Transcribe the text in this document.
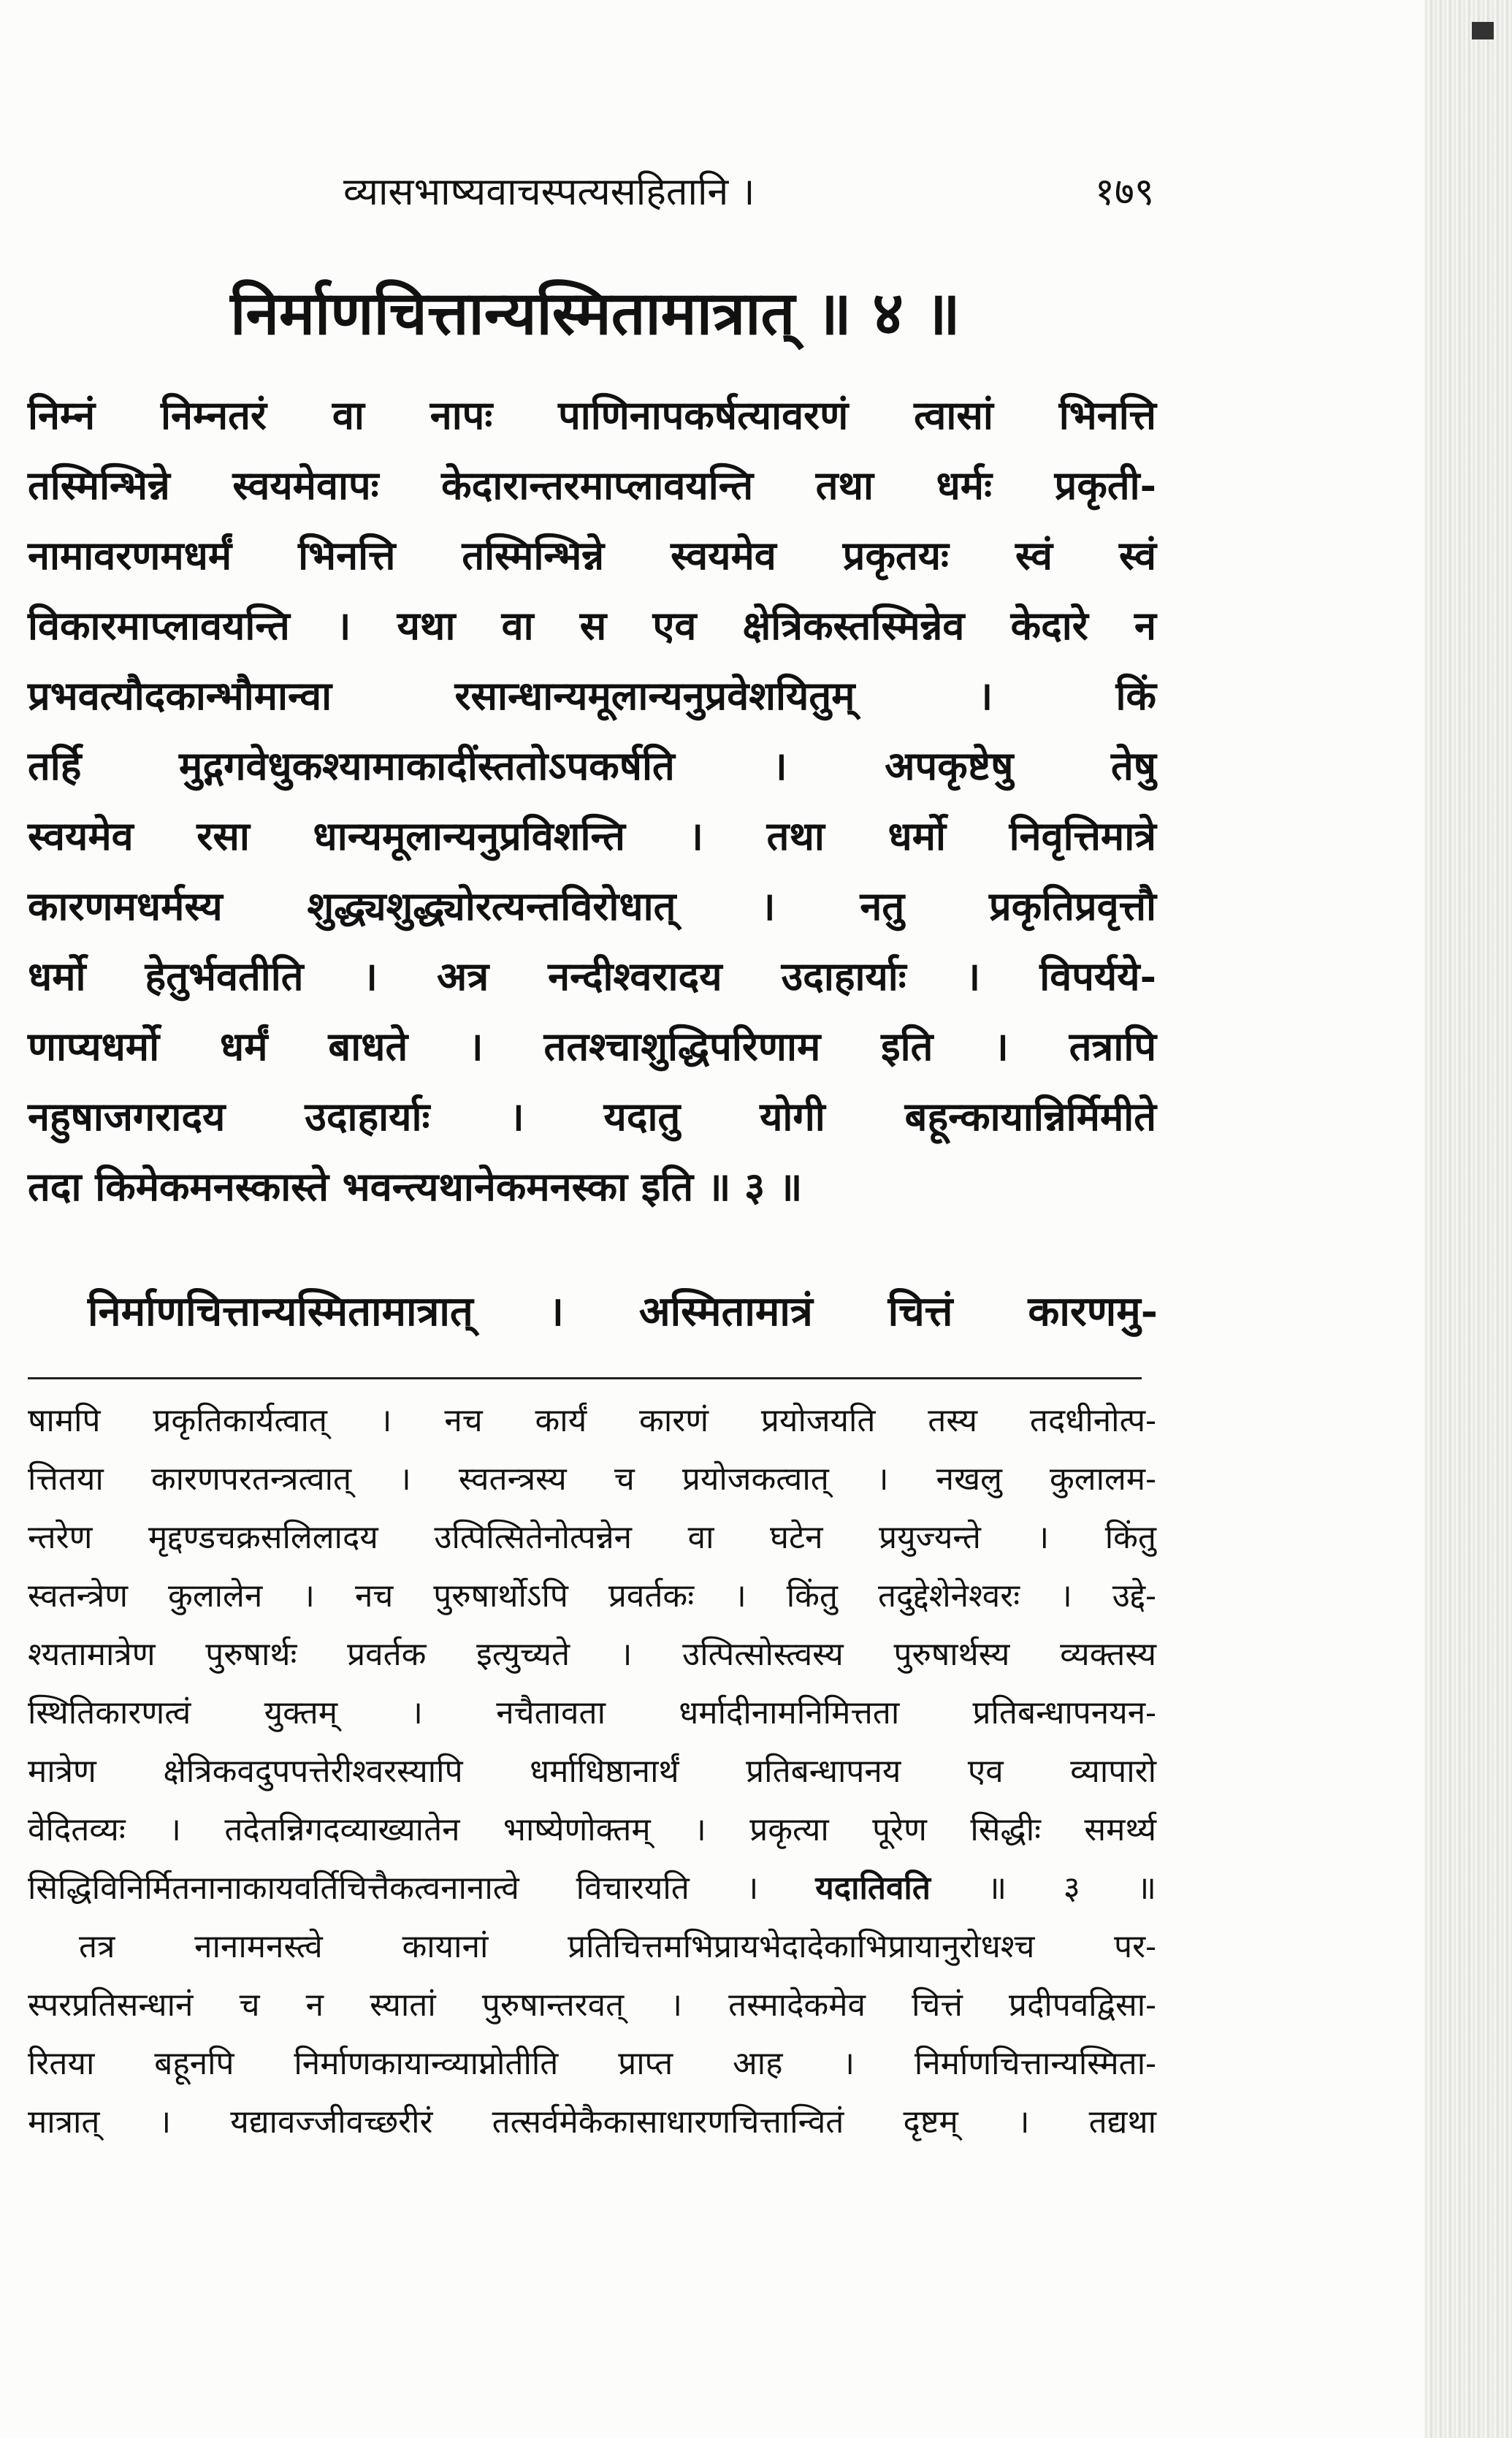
व्यासभाष्यवाचस्पत्यसहितानि ।	१७९
निर्माणचित्तान्यस्मितामात्रात् ॥ ४ ॥
निम्नं निम्नतरं वा नापः पाणिनापकर्षत्यावरणं त्वासां भिनत्ति
तस्मिन्भिन्ने स्वयमेवापः केदारान्तरमाप्लावयन्ति तथा धर्मः प्रकृती-
नामावरणमधर्मं भिनत्ति तस्मिन्भिन्ने स्वयमेव प्रकृतयः स्वं स्वं
विकारमाप्लावयन्ति । यथा वा स एव क्षेत्रिकस्तस्मिन्नेव केदारे न
प्रभवत्यौदकान्भौमान्वा रसान्धान्यमूलान्यनुप्रवेशयितुम् । किं
तर्हि मुद्गगवेधुकश्यामाकादींस्ततोऽपकर्षति । अपकृष्टेषु तेषु
स्वयमेव रसा धान्यमूलान्यनुप्रविशन्ति । तथा धर्मो निवृत्तिमात्रे
कारणमधर्मस्य शुद्ध्यशुद्ध्योरत्यन्तविरोधात् । नतु प्रकृतिप्रवृत्तौ
धर्मो हेतुर्भवतीति । अत्र नन्दीश्वरादय उदाहार्याः । विपर्ययेे-
णाप्यधर्मो धर्मं बाधते । ततश्चाशुद्धिपरिणाम इति । तत्रापि
नहुषाजगरादय उदाहार्याः । यदातु योगी बहून्कायान्निर्मिमीते
तदा किमेकमनस्कास्ते भवन्त्यथानेकमनस्का इति ॥ ३ ॥
निर्माणचित्तान्यस्मितामात्रात् । अस्मितामात्रं चित्तं कारणमु-
षामपि प्रकृतिकार्यत्वात् । नच कार्यं कारणं प्रयोजयति तस्य तदधीनोत्प-
त्तितया कारणपरतन्त्रत्वात् । स्वतन्त्रस्य च प्रयोजकत्वात् । नखलु कुलालम-
न्तरेण मृद्दण्डचक्रसलिलादय उत्पित्सितेनोत्पन्नेन वा घटेन प्रयुज्यन्ते । किंतु
स्वतन्त्रेण कुलालेन । नच पुरुषार्थोऽपि प्रवर्तकः । किंतु तदुद्देशेनेश्वरः । उद्दे-
श्यतामात्रेण पुरुषार्थः प्रवर्तक इत्युच्यते । उत्पित्सोस्त्वस्य पुरुषार्थस्य व्यक्तस्य
स्थितिकारणत्वं युक्तम् । नचैतावता धर्मादीनामनिमित्तता प्रतिबन्धापनयन-
मात्रेण क्षेत्रिकवदुपपत्तेरीश्वरस्यापि धर्माधिष्ठानार्थं प्रतिबन्धापनय एव व्यापारो
वेदितव्यः । तदेतन्निगदव्याख्यातेन भाष्येणोक्तम् । प्रकृत्या पूरेण सिद्धीः समर्थ्य
सिद्धिविनिर्मितनानाकायवर्तिचित्तैकत्वनानात्वे विचारयति । यदातिवति ॥ ३ ॥
तत्र नानामनस्त्वे कायानां प्रतिचित्तमभिप्रायभेदादेकाभिप्रायानुरोधश्च पर-
स्परप्रतिसन्धानं च न स्यातां पुरुषान्तरवत् । तस्मादेकमेव चित्तं प्रदीपवद्विसा-
रितया बहूनपि निर्माणकायान्व्याप्नोतीति प्राप्त आह । निर्माणचित्तान्यस्मिता-
मात्रात् । यद्यावज्जीवच्छरीरं तत्सर्वमेकैकासाधारणचित्तान्वितं दृष्टम् । तद्यथा
